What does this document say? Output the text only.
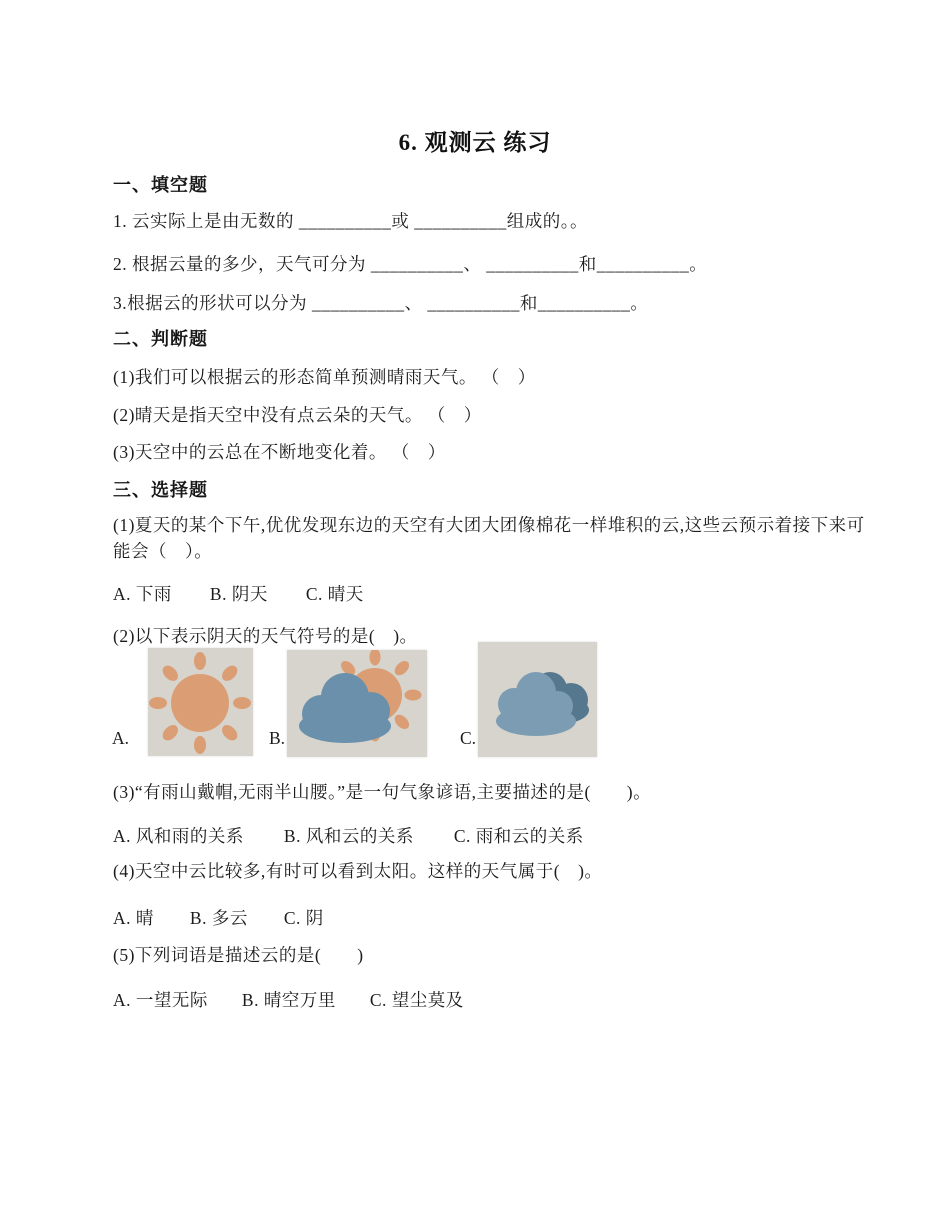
6. 观测云 练习
一、填空题
1. 云实际上是由无数的 __________或 __________组成的。。
2. 根据云量的多少，天气可分为 __________、 __________和__________。
3.根据云的形状可以分为 __________、 __________和__________。
二、判断题
(1)我们可以根据云的形态简单预测晴雨天气。 （　）
(2)晴天是指天空中没有点云朵的天气。 （　）
(3)天空中的云总在不断地变化着。 （　）
三、选择题
(1)夏天的某个下午,优优发现东边的天空有大团大团像棉花一样堆积的云,这些云预示着接下来可能会（　）。
A. 下雨 B. 阴天 C. 晴天
(2)以下表示阴天的天气符号的是(　)。
A.	B.	C.
(3)“有雨山戴帽,无雨半山腰。”是一句气象谚语,主要描述的是(　　)。
A. 风和雨的关系 B. 风和云的关系 C. 雨和云的关系
(4)天空中云比较多,有时可以看到太阳。这样的天气属于(　)。
A. 晴 B. 多云 C. 阴
(5)下列词语是描述云的是(　　)
A. 一望无际 B. 晴空万里 C. 望尘莫及
